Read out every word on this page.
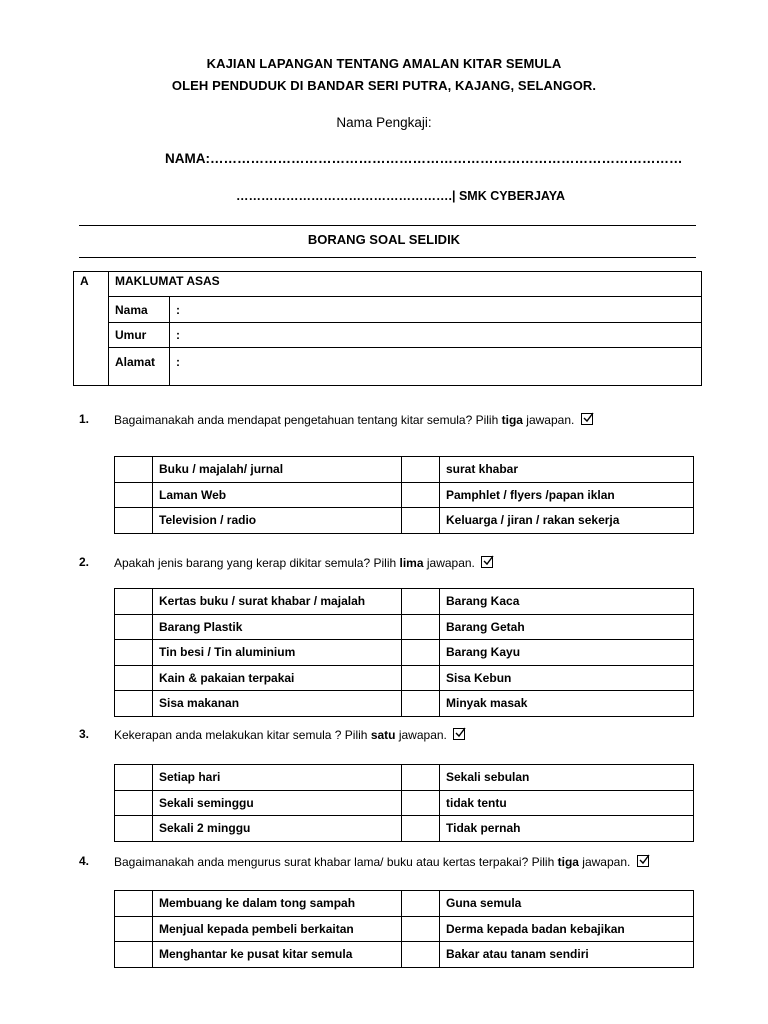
KAJIAN LAPANGAN TENTANG AMALAN KITAR SEMULA
OLEH PENDUDUK DI BANDAR SERI PUTRA, KAJANG, SELANGOR.
Nama Pengkaji:
NAMA:……………………………………………………………………………………………
…………………………………………….| SMK CYBERJAYA
BORANG SOAL SELIDIK
A	MAKLUMAT ASAS	
	Nama	:
	Umur	:
	Alamat	:
1. Bagaimanakah anda mendapat pengetahuan tentang kitar semula? Pilih tiga jawapan.
	Buku / majalah/ jurnal		surat khabar
	Laman Web		Pamphlet / flyers /papan iklan
	Television / radio		Keluarga / jiran / rakan sekerja
2. Apakah jenis barang yang kerap dikitar semula? Pilih lima jawapan.
	Kertas buku / surat khabar / majalah		Barang Kaca
	Barang Plastik		Barang Getah
	Tin besi / Tin aluminium		Barang Kayu
	Kain & pakaian terpakai		Sisa Kebun
	Sisa makanan		Minyak masak
3. Kekerapan anda melakukan kitar semula ? Pilih satu jawapan.
	Setiap hari		Sekali sebulan
	Sekali seminggu		tidak tentu
	Sekali 2 minggu		Tidak pernah
4. Bagaimanakah anda mengurus surat khabar lama/ buku atau kertas terpakai? Pilih tiga jawapan.
	Membuang ke dalam tong sampah		Guna semula
	Menjual kepada pembeli berkaitan		Derma kepada badan kebajikan
	Menghantar ke pusat kitar semula		Bakar atau tanam sendiri
